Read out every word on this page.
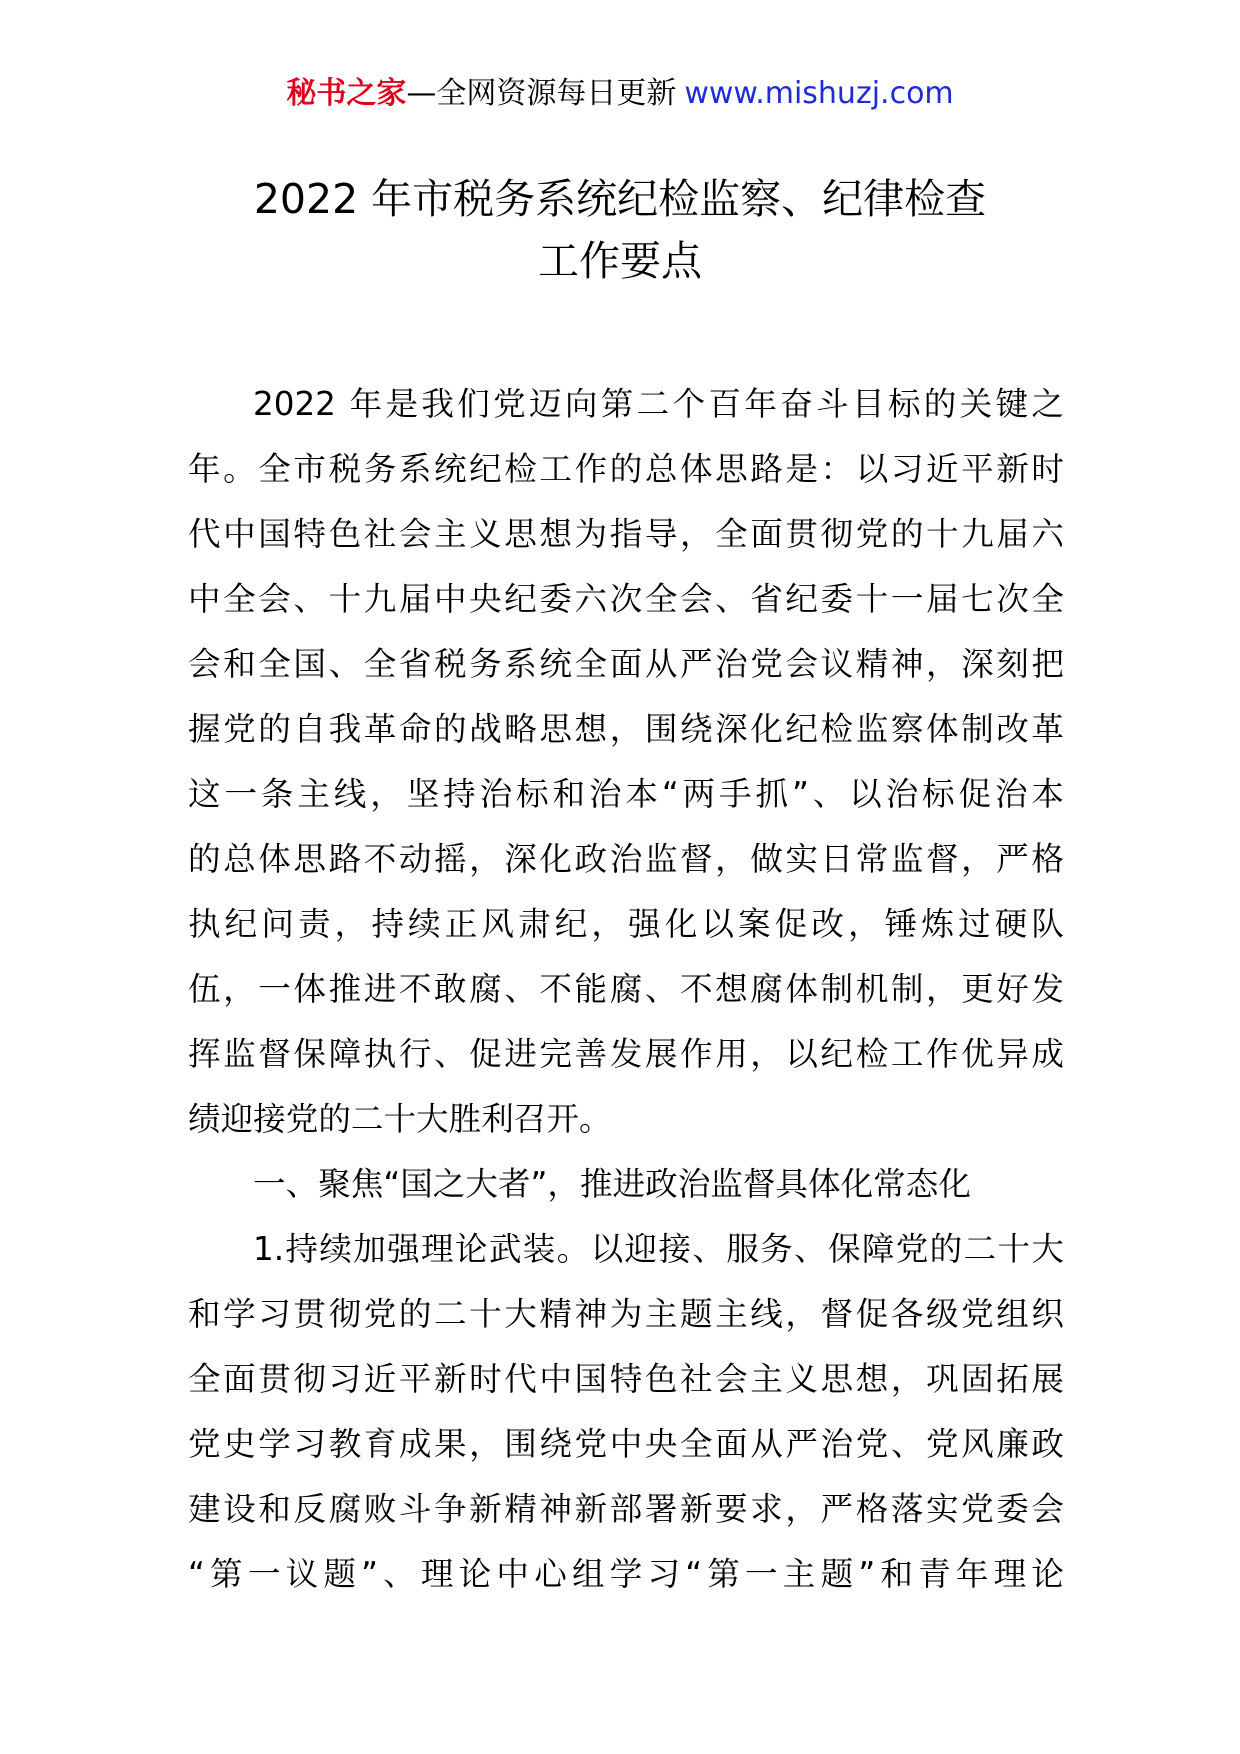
秘书之家—全网资源每日更新 www.mishuzj.com
2022 年市税务系统纪检监察、纪律检查
工作要点
2022 年是我们党迈向第二个百年奋斗目标的关键之
年。全市税务系统纪检工作的总体思路是：以习近平新时
代中国特色社会主义思想为指导，全面贯彻党的十九届六
中全会、十九届中央纪委六次全会、省纪委十一届七次全
会和全国、全省税务系统全面从严治党会议精神，深刻把
握党的自我革命的战略思想，围绕深化纪检监察体制改革
这一条主线，坚持治标和治本“两手抓”、以治标促治本
的总体思路不动摇，深化政治监督，做实日常监督，严格
执纪问责，持续正风肃纪，强化以案促改，锤炼过硬队
伍，一体推进不敢腐、不能腐、不想腐体制机制，更好发
挥监督保障执行、促进完善发展作用，以纪检工作优异成
绩迎接党的二十大胜利召开。
一、聚焦“国之大者”，推进政治监督具体化常态化
1.持续加强理论武装。以迎接、服务、保障党的二十大
和学习贯彻党的二十大精神为主题主线，督促各级党组织
全面贯彻习近平新时代中国特色社会主义思想，巩固拓展
党史学习教育成果，围绕党中央全面从严治党、党风廉政
建设和反腐败斗争新精神新部署新要求，严格落实党委会
“第一议题”、理论中心组学习“第一主题”和青年理论
